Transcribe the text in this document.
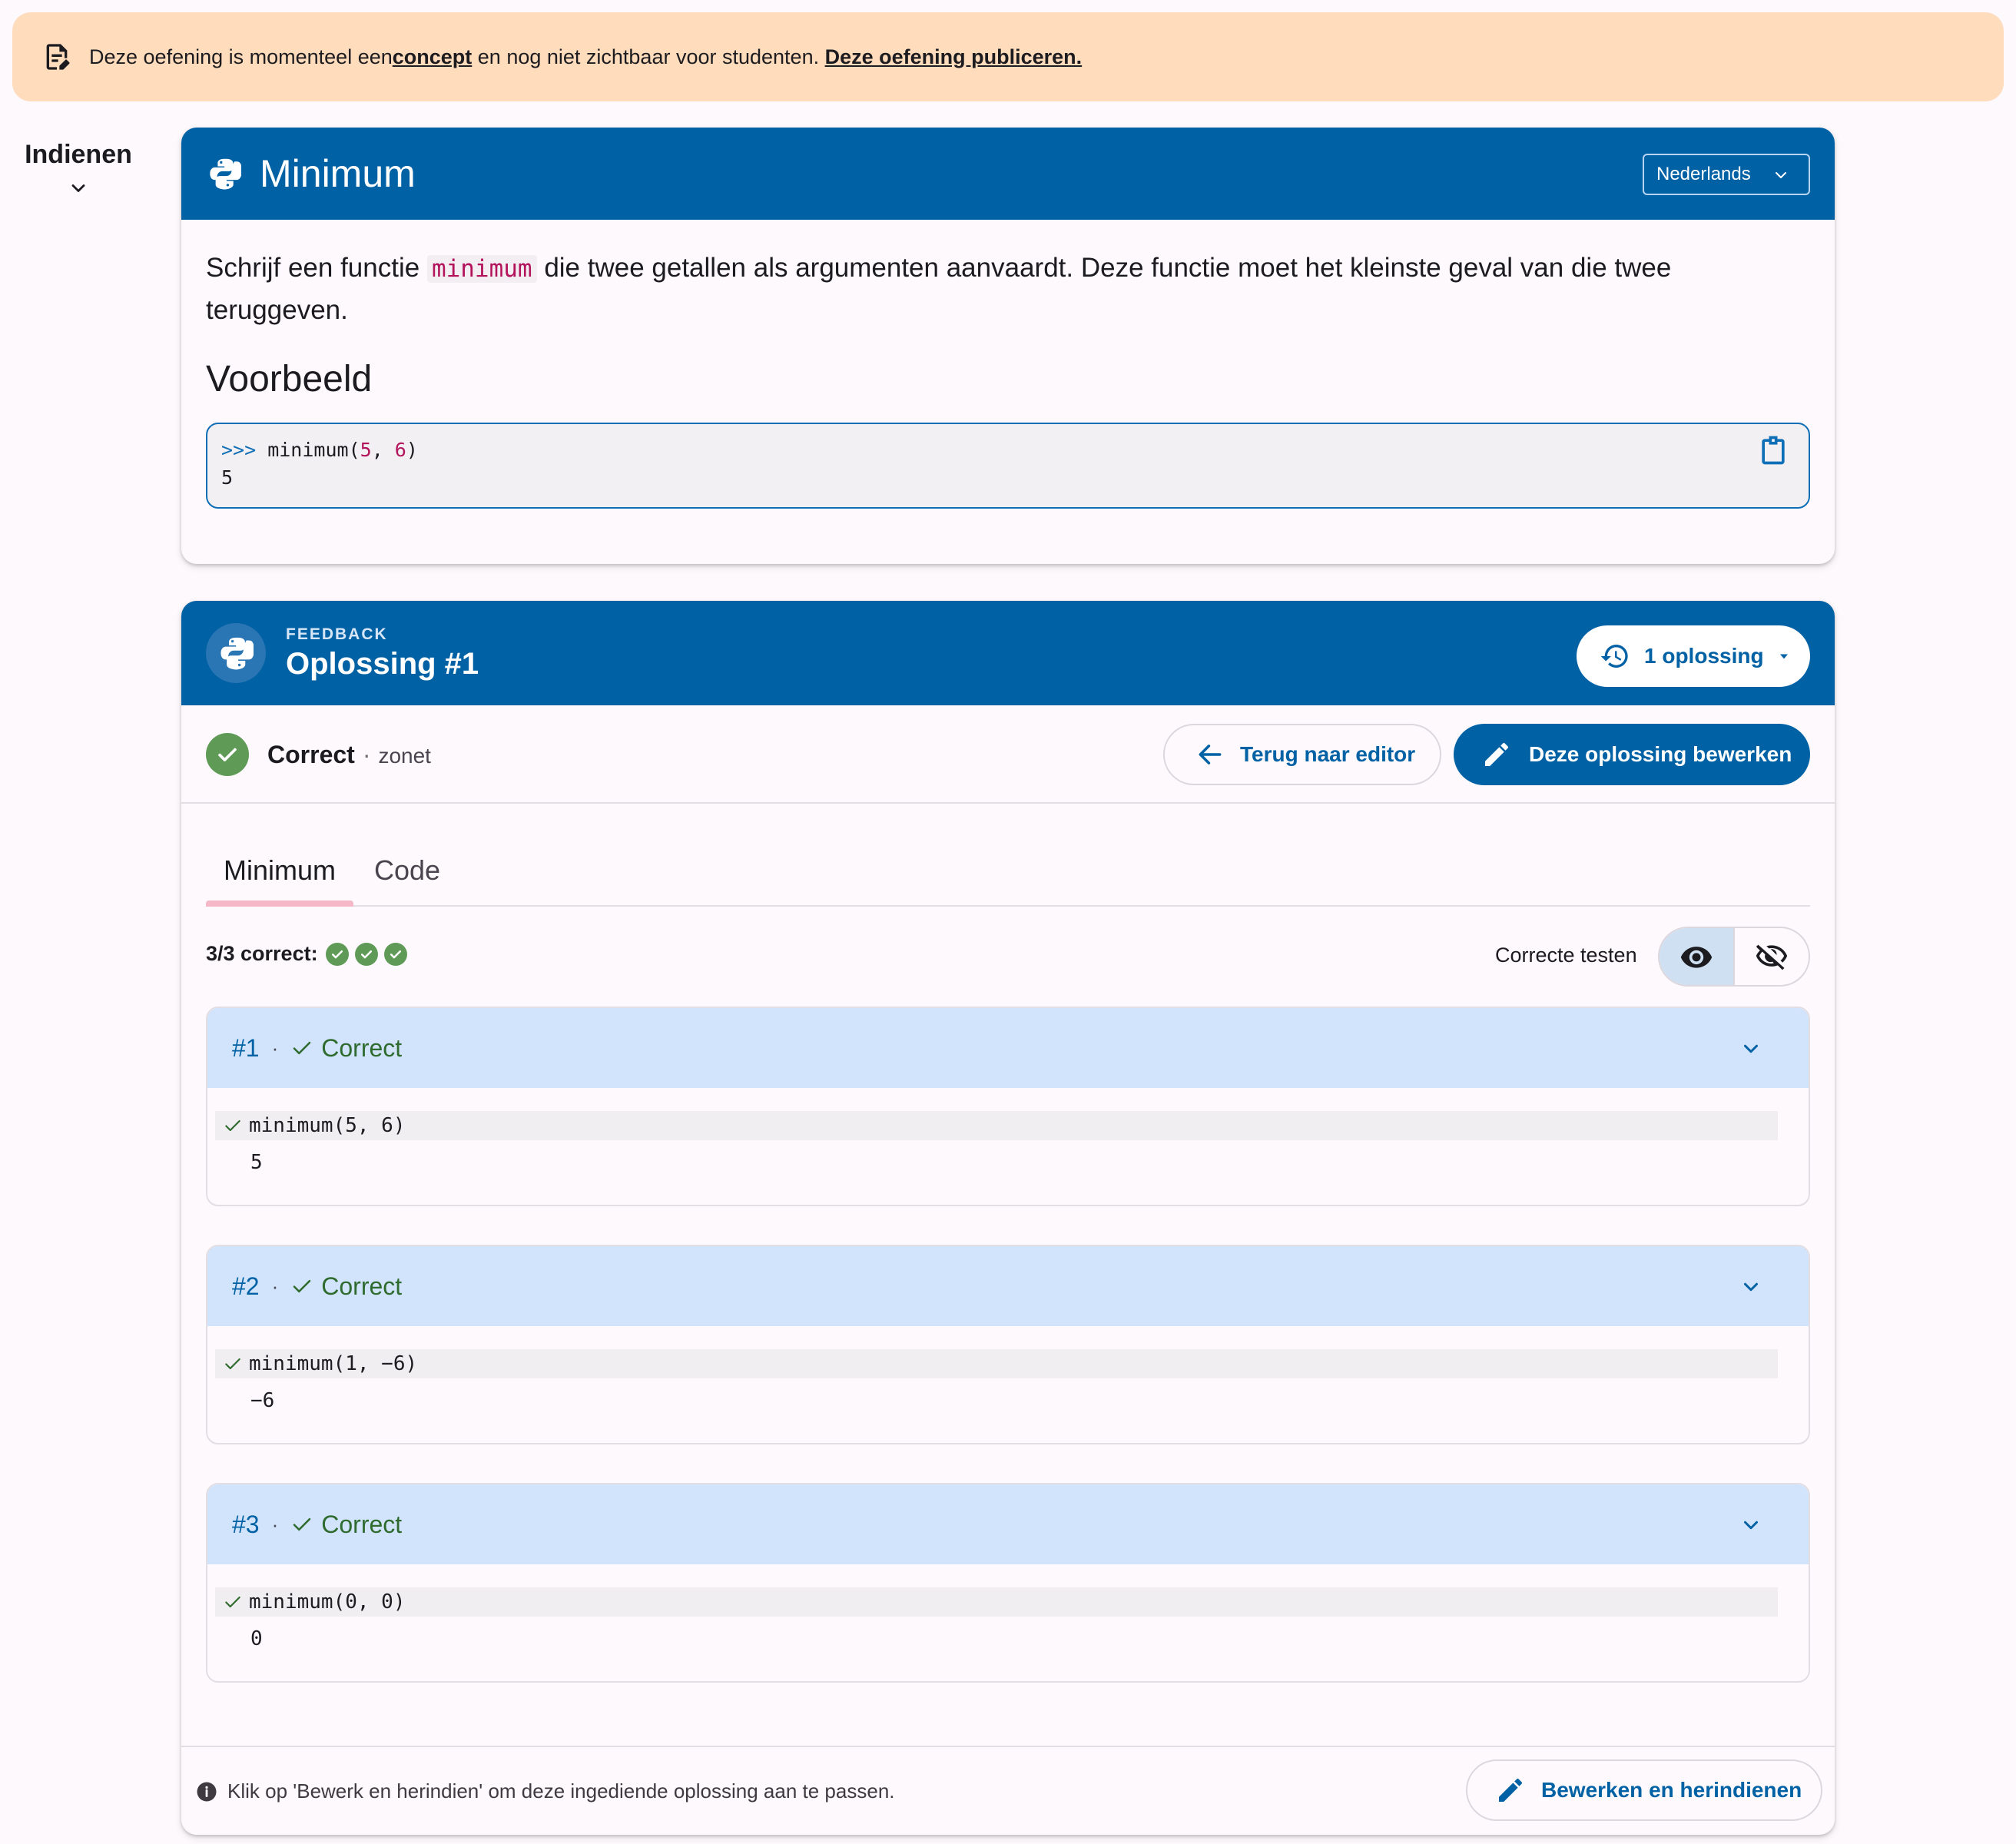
Deze oefening is momenteel een concept en nog niet zichtbaar voor studenten. Deze oefening publiceren.
Indienen	Minimum	Nederlands
Schrijf een functie minimum die twee getallen als argumenten aanvaardt. Deze functie moet het kleinste geval van die twee teruggeven.
Voorbeeld
>>> minimum(5, 6)
5
FEEDBACK
Oplossing #1	1 oplossing
Correct · zonet	Terug naar editor	Deze oplossing bewerken
Minimum Code
3/3 correct:	Correcte testen
#1 · Correct
minimum(5, 6)
5
#2 · Correct
minimum(1, −6)
−6
#3 · Correct
minimum(0, 0)
0
Klik op 'Bewerk en herindien' om deze ingediende oplossing aan te passen.	Bewerken en herindienen
